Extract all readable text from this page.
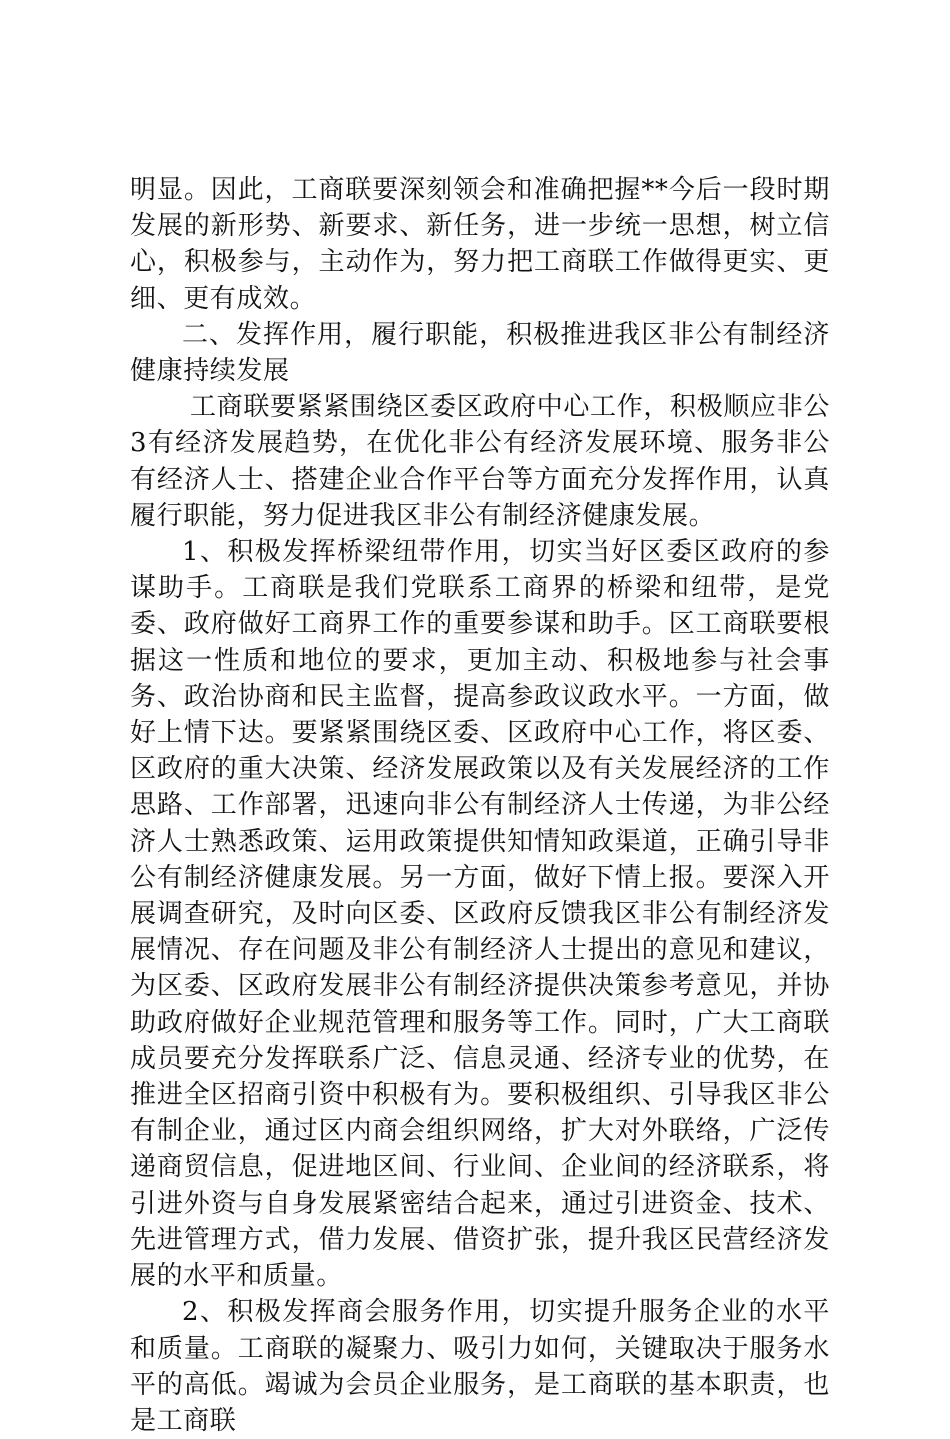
明显。因此，工商联要深刻领会和准确把握**今后一段时期发展的新形势、新要求、新任务，进一步统一思想，树立信心，积极参与，主动作为，努力把工商联工作做得更实、更细、更有成效。

二、发挥作用，履行职能，积极推进我区非公有制经济健康持续发展

工商联要紧紧围绕区委区政府中心工作，积极顺应非公3有经济发展趋势，在优化非公有经济发展环境、服务非公有经济人士、搭建企业合作平台等方面充分发挥作用，认真履行职能，努力促进我区非公有制经济健康发展。

1、积极发挥桥梁纽带作用，切实当好区委区政府的参谋助手。工商联是我们党联系工商界的桥梁和纽带，是党委、政府做好工商界工作的重要参谋和助手。区工商联要根据这一性质和地位的要求，更加主动、积极地参与社会事务、政治协商和民主监督，提高参政议政水平。一方面，做好上情下达。要紧紧围绕区委、区政府中心工作，将区委、区政府的重大决策、经济发展政策以及有关发展经济的工作思路、工作部署，迅速向非公有制经济人士传递，为非公经济人士熟悉政策、运用政策提供知情知政渠道，正确引导非公有制经济健康发展。另一方面，做好下情上报。要深入开展调查研究，及时向区委、区政府反馈我区非公有制经济发展情况、存在问题及非公有制经济人士提出的意见和建议，为区委、区政府发展非公有制经济提供决策参考意见，并协助政府做好企业规范管理和服务等工作。同时，广大工商联成员要充分发挥联系广泛、信息灵通、经济专业的优势，在推进全区招商引资中积极有为。要积极组织、引导我区非公有制企业，通过区内商会组织网络，扩大对外联络，广泛传递商贸信息，促进地区间、行业间、企业间的经济联系，将引进外资与自身发展紧密结合起来，通过引进资金、技术、先进管理方式，借力发展、借资扩张，提升我区民营经济发展的水平和质量。

2、积极发挥商会服务作用，切实提升服务企业的水平和质量。工商联的凝聚力、吸引力如何，关键取决于服务水平的高低。竭诚为会员企业服务，是工商联的基本职责，也是工商联
